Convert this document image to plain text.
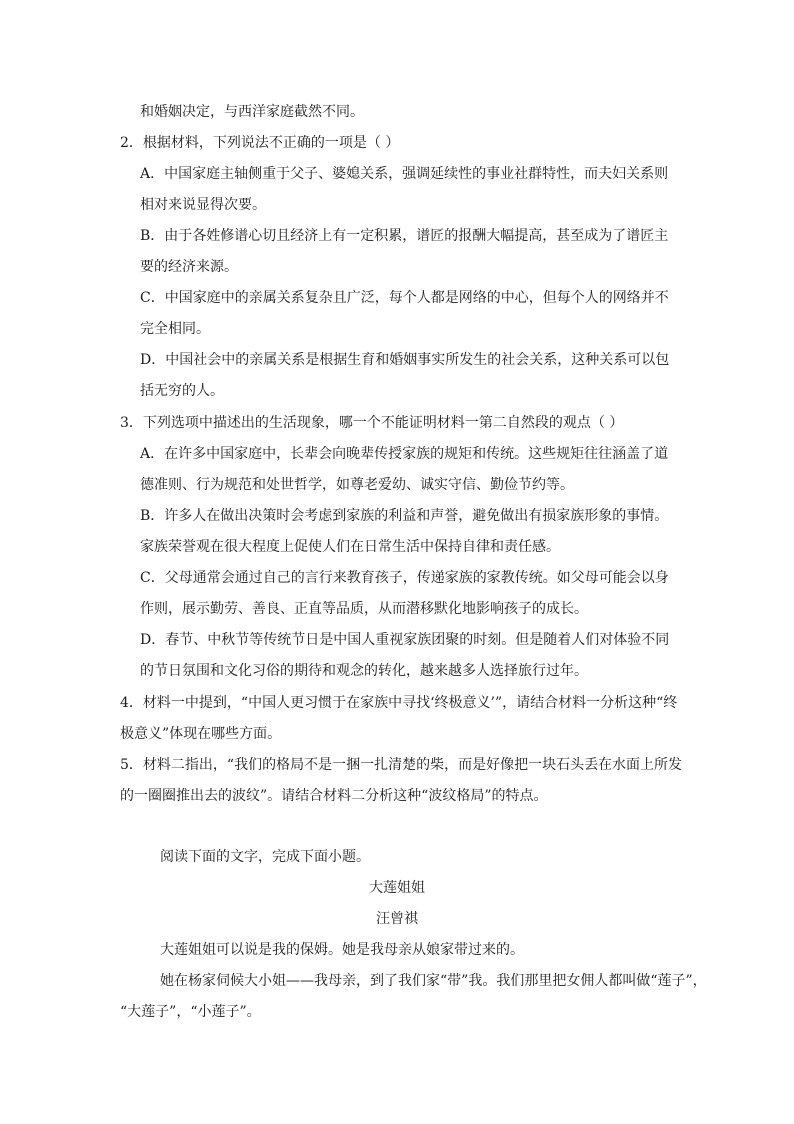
和婚姻决定，与西洋家庭截然不同。
2．根据材料，下列说法不正确的一项是（ ）
A．中国家庭主轴侧重于父子、婆媳关系，强调延续性的事业社群特性，而夫妇关系则
相对来说显得次要。
B．由于各姓修谱心切且经济上有一定积累，谱匠的报酬大幅提高，甚至成为了谱匠主
要的经济来源。
C．中国家庭中的亲属关系复杂且广泛，每个人都是网络的中心，但每个人的网络并不
完全相同。
D．中国社会中的亲属关系是根据生育和婚姻事实所发生的社会关系，这种关系可以包
括无穷的人。
3．下列选项中描述出的生活现象，哪一个不能证明材料一第二自然段的观点（ ）
A．在许多中国家庭中，长辈会向晚辈传授家族的规矩和传统。这些规矩往往涵盖了道
德准则、行为规范和处世哲学，如尊老爱幼、诚实守信、勤俭节约等。
B．许多人在做出决策时会考虑到家族的利益和声誉，避免做出有损家族形象的事情。
家族荣誉观在很大程度上促使人们在日常生活中保持自律和责任感。
C．父母通常会通过自己的言行来教育孩子，传递家族的家教传统。如父母可能会以身
作则，展示勤劳、善良、正直等品质，从而潜移默化地影响孩子的成长。
D．春节、中秋节等传统节日是中国人重视家族团聚的时刻。但是随着人们对体验不同
的节日氛围和文化习俗的期待和观念的转化，越来越多人选择旅行过年。
4．材料一中提到，“中国人更习惯于在家族中寻找‘终极意义’”，请结合材料一分析这种“终
极意义”体现在哪些方面。
5．材料二指出，“我们的格局不是一捆一扎清楚的柴，而是好像把一块石头丢在水面上所发
的一圈圈推出去的波纹”。请结合材料二分析这种“波纹格局”的特点。
阅读下面的文字，完成下面小题。
大莲姐姐
汪曾祺
大莲姐姐可以说是我的保姆。她是我母亲从娘家带过来的。
她在杨家伺候大小姐——我母亲，到了我们家“带”我。我们那里把女佣人都叫做“莲子”，
“大莲子”，“小莲子”。
